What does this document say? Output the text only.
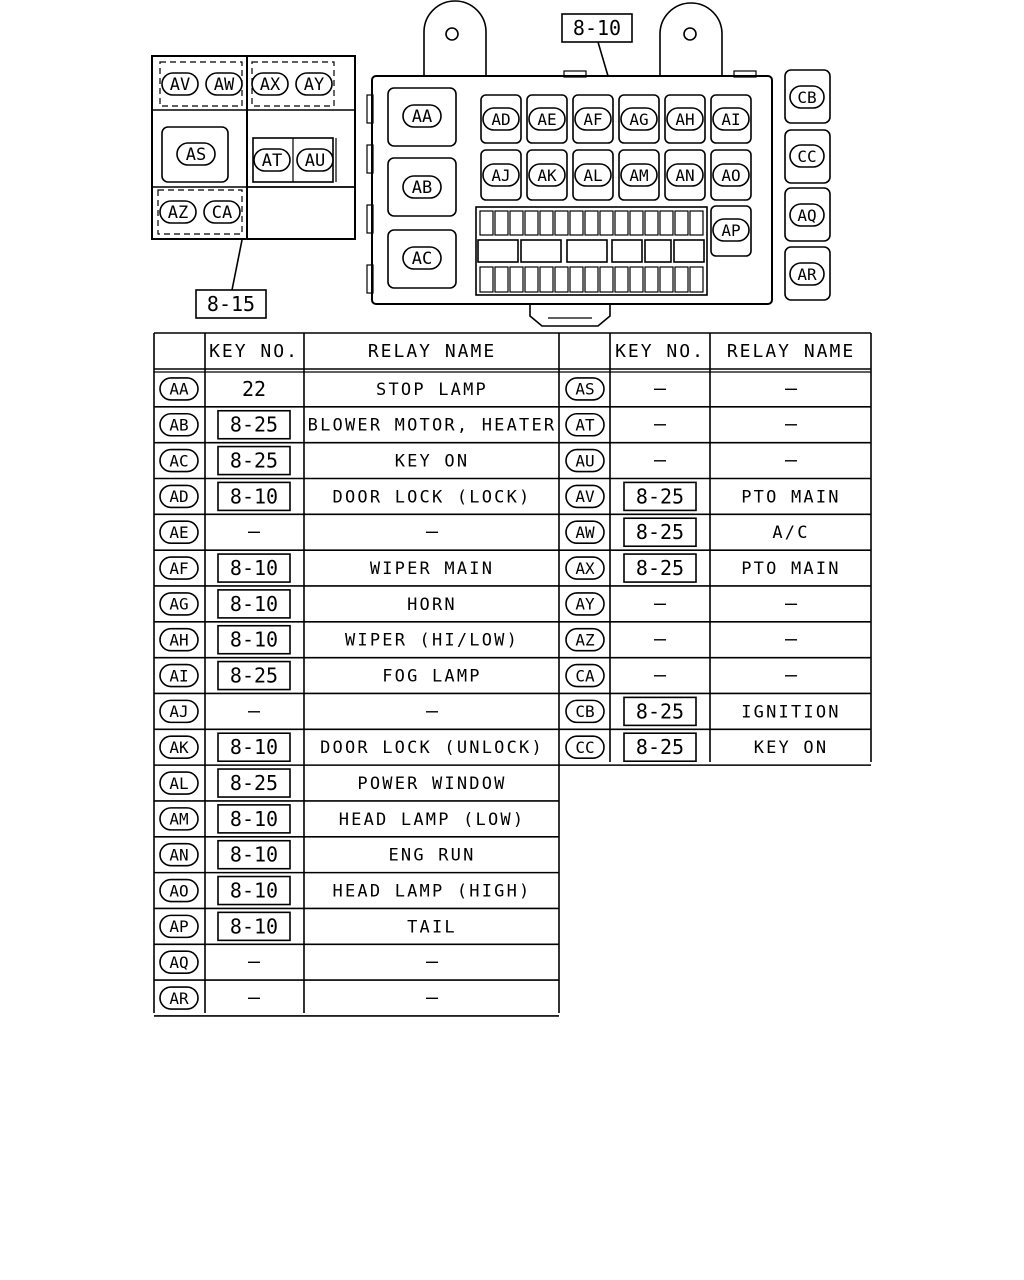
AV AW AX AY
AS	AT AU
AZ CA
8-15
AA
AB
AC
AD AE AF AG AH AI
AJ AK AL AM AN AO
AP
8-10
CB
CC
AQ
AR
KEY NO.	RELAY NAME	KEY NO. RELAY NAME
AA	22	STOP LAMP
AB 8-25 BLOWER MOTOR, HEATER
AC 8-25	KEY ON
AD 8-10	DOOR LOCK (LOCK)
AE	—	—
AF 8-10	WIPER MAIN
AG 8-10	HORN
AH 8-10	WIPER (HI/LOW)
AI 8-25	FOG LAMP
AJ	—	—
AK 8-10 DOOR LOCK (UNLOCK)
AL 8-25	POWER WINDOW
AM 8-10	HEAD LAMP (LOW)
AN 8-10	ENG RUN
AO 8-10	HEAD LAMP (HIGH)
AP 8-10	TAIL
AQ	—	—
AR	—	—
AS	—	—
AT	—	—
AU	—	—
AV 8-25	PTO MAIN
AW 8-25	A/C
AX 8-25	PTO MAIN
AY	—	—
AZ	—	—
CA	—	—
CB 8-25	IGNITION
CC 8-25	KEY ON
